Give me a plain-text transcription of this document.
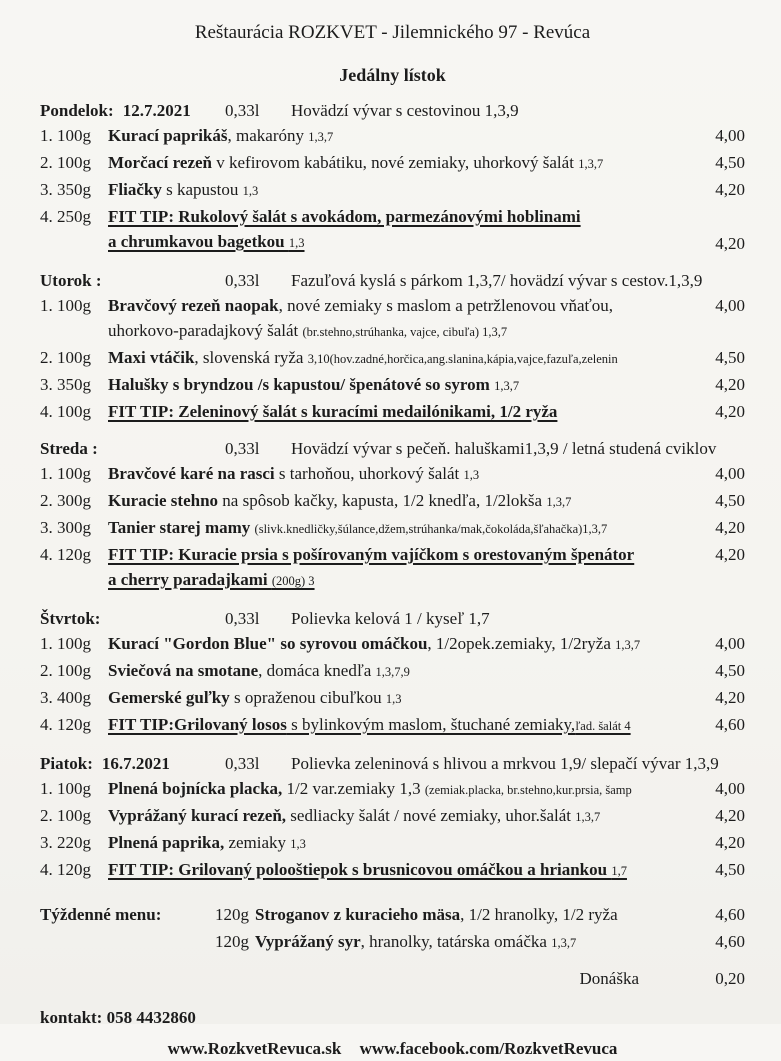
Reštaurácia ROZKVET - Jilemnického 97 - Revúca
Jedálny lístok
Pondelok: 12.7.2021	0,33l	Hovädzí vývar s cestovinou 1,3,9
1. 100g	Kurací paprikáš, makaróny 1,3,7	4,00
2. 100g	Morčací rezeň v kefirovom kabátiku, nové zemiaky, uhorkový šalát 1,3,7	4,50
3. 350g	Fliačky s kapustou 1,3	4,20
4. 250g	FIT TIP: Rukolový šalát s avokádom, parmezánovými hoblinami
a chrumkavou bagetkou 1,3	4,20
Utorok :	0,33l	Fazuľová kyslá s párkom 1,3,7/ hovädzí vývar s cestov.1,3,9
1. 100g	Bravčový rezeň naopak, nové zemiaky s maslom a petržlenovou vňaťou,
uhorkovo-paradajkový šalát (br.stehno,strúhanka, vajce, cibuľa) 1,3,7
4,00
2. 100g	Maxi vtáčik, slovenská ryža 3,10(hov.zadné,horčica,ang.slanina,kápia,vajce,fazuľa,zelenin	4,50
3. 350g	Halušky s bryndzou /s kapustou/ špenátové so syrom 1,3,7	4,20
4. 100g	FIT TIP: Zeleninový šalát s kuracími medailónikami, 1/2 ryža	4,20
Streda :	0,33l	Hovädzí vývar s pečeň. haluškami1,3,9 / letná studená cviklov
1. 100g	Bravčové karé na rasci s tarhoňou, uhorkový šalát 1,3	4,00
2. 300g	Kuracie stehno na spôsob kačky, kapusta, 1/2 knedľa, 1/2lokša 1,3,7	4,50
3. 300g	Tanier starej mamy (slivk.knedličky,šúlance,džem,strúhanka/mak,čokoláda,šľahačka)1,3,7	4,20
4. 120g	FIT TIP: Kuracie prsia s pošírovaným vajíčkom s orestovaným špenátor
a cherry paradajkami (200g) 3
4,20
Štvrtok:	0,33l	Polievka kelová 1 / kyseľ 1,7
1. 100g	Kurací "Gordon Blue" so syrovou omáčkou, 1/2opek.zemiaky, 1/2ryža 1,3,7	4,00
2. 100g	Sviečová na smotane, domáca knedľa 1,3,7,9	4,50
3. 400g	Gemerské guľky s opraženou cibuľkou 1,3	4,20
4. 120g	FIT TIP:Grilovaný losos s bylinkovým maslom, štuchané zemiaky,ľad. šalát 4	4,60
Piatok: 16.7.2021	0,33l	Polievka zeleninová s hlivou a mrkvou 1,9/ slepačí vývar 1,3,9
1. 100g	Plnená bojnícka placka, 1/2 var.zemiaky 1,3 (zemiak.placka, br.stehno,kur.prsia, šamp	4,00
2. 100g	Vyprážaný kurací rezeň, sedliacky šalát / nové zemiaky, uhor.šalát 1,3,7	4,20
3. 220g	Plnená paprika, zemiaky 1,3	4,20
4. 120g	FIT TIP: Grilovaný polooštiepok s brusnicovou omáčkou a hriankou 1,7	4,50
Týždenné menu:	120g Stroganov z kuracieho mäsa, 1/2 hranolky, 1/2 ryža	4,60
120g Vyprážaný syr, hranolky, tatárska omáčka 1,3,7	4,60
Donáška	0,20
kontakt: 058 4432860
www.RozkvetRevuca.sk www.facebook.com/RozkvetRevuca
